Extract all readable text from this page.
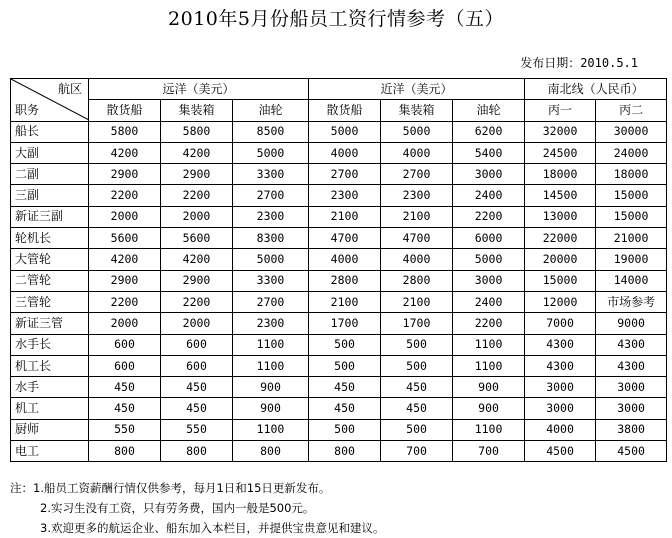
2010年5月份船员工资行情参考（五）
发布日期：2010.5.1
航区
职务	远洋（美元）			近洋（美元）			南北线（人民币）	
	散货船	集装箱	油轮	散货船	集装箱	油轮	丙一	丙二
船长	5800	5800	8500	5000	5000	6200	32000	30000
大副	4200	4200	5000	4000	4000	5400	24500	24000
二副	2900	2900	3300	2700	2700	3000	18000	18000
三副	2200	2200	2700	2300	2300	2400	14500	15000
新证三副	2000	2000	2300	2100	2100	2200	13000	15000
轮机长	5600	5600	8300	4700	4700	6000	22000	21000
大管轮	4200	4200	5000	4000	4000	5000	20000	19000
二管轮	2900	2900	3300	2800	2800	3000	15000	14000
三管轮	2200	2200	2700	2100	2100	2400	12000	市场参考
新证三管	2000	2000	2300	1700	1700	2200	7000	9000
水手长	600	600	1100	500	500	1100	4300	4300
机工长	600	600	1100	500	500	1100	4300	4300
水手	450	450	900	450	450	900	3000	3000
机工	450	450	900	450	450	900	3000	3000
厨师	550	550	1100	500	500	1100	4000	3800
电工	800	800	800	800	700	700	4500	4500
注：1.船员工资薪酬行情仅供参考，每月1日和15日更新发布。
2.实习生没有工资，只有劳务费，国内一般是500元。
3.欢迎更多的航运企业、船东加入本栏目，并提供宝贵意见和建议。
